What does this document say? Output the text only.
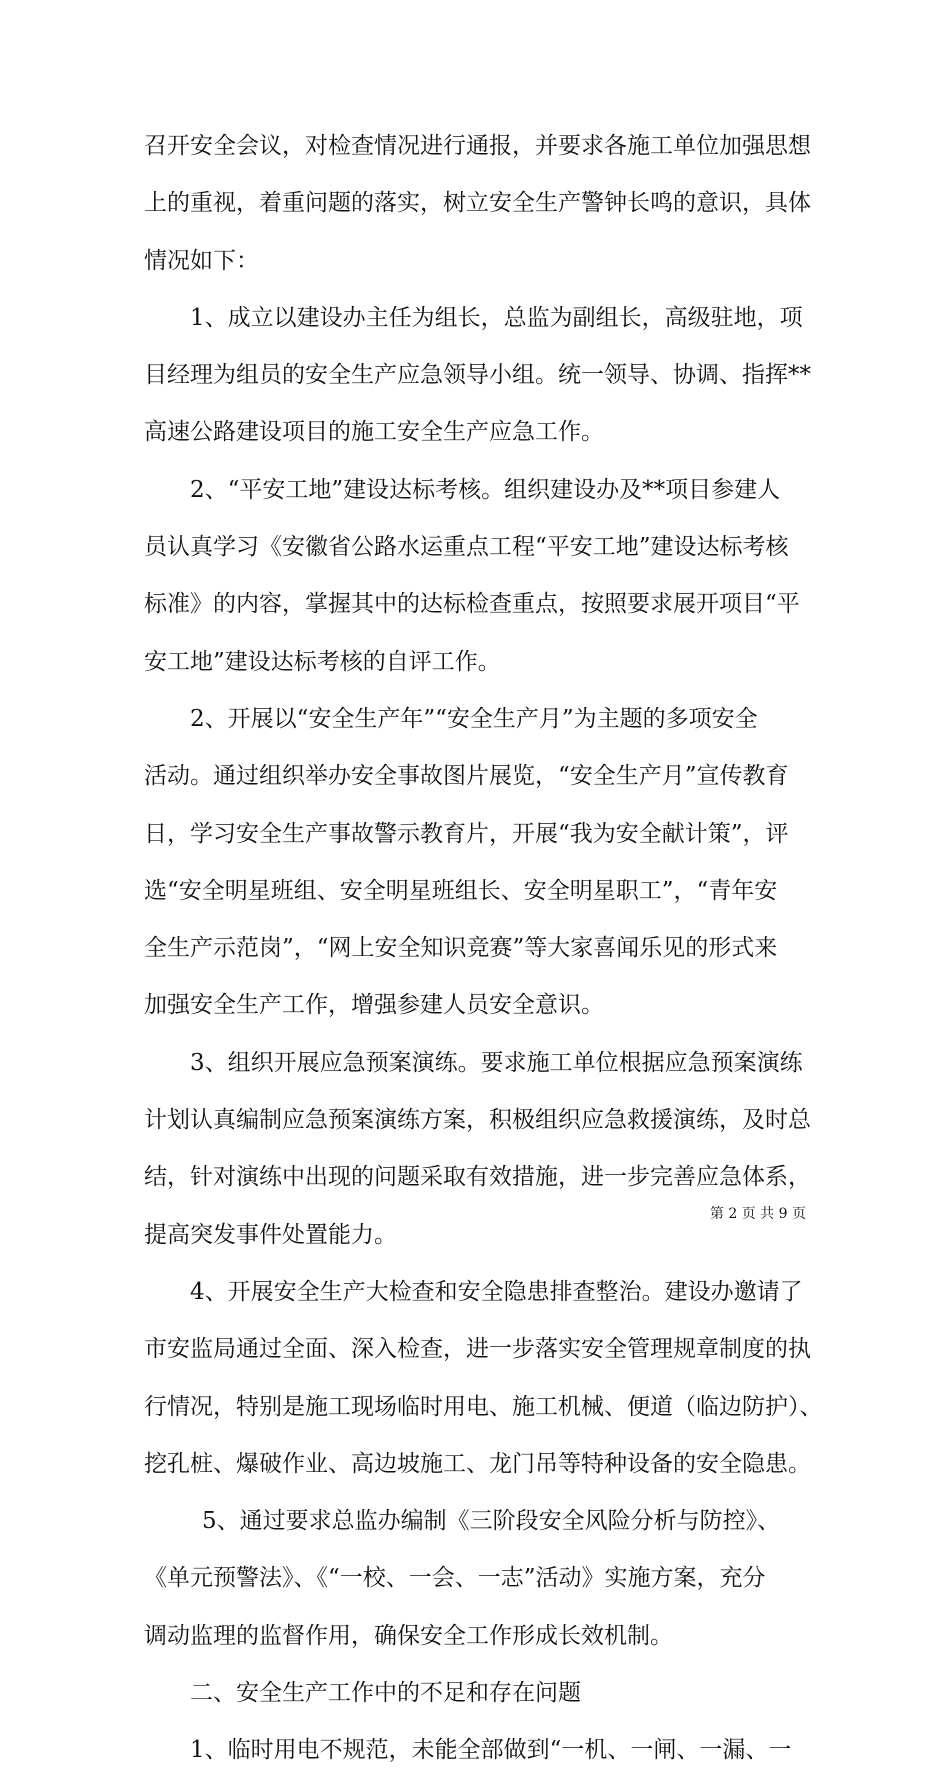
召开安全会议，对检查情况进行通报，并要求各施工单位加强思想
上的重视，着重问题的落实，树立安全生产警钟长鸣的意识，具体
情况如下：
1、成立以建设办主任为组长，总监为副组长，高级驻地，项
目经理为组员的安全生产应急领导小组。统一领导、协调、指挥**
高速公路建设项目的施工安全生产应急工作。
2、“平安工地”建设达标考核。组织建设办及**项目参建人
员认真学习《安徽省公路水运重点工程“平安工地”建设达标考核
标准》的内容，掌握其中的达标检查重点，按照要求展开项目“平
安工地”建设达标考核的自评工作。
2、开展以“安全生产年”“安全生产月”为主题的多项安全
活动。通过组织举办安全事故图片展览，“安全生产月”宣传教育
日，学习安全生产事故警示教育片，开展“我为安全献计策”，评
选“安全明星班组、安全明星班组长、安全明星职工”，“青年安
全生产示范岗”，“网上安全知识竞赛”等大家喜闻乐见的形式来
加强安全生产工作，增强参建人员安全意识。
3、组织开展应急预案演练。要求施工单位根据应急预案演练
计划认真编制应急预案演练方案，积极组织应急救援演练，及时总
结，针对演练中出现的问题采取有效措施，进一步完善应急体系，
提高突发事件处置能力。
4、开展安全生产大检查和安全隐患排查整治。建设办邀请了
市安监局通过全面、深入检查，进一步落实安全管理规章制度的执
行情况，特别是施工现场临时用电、施工机械、便道（临边防护）、
挖孔桩、爆破作业、高边坡施工、龙门吊等特种设备的安全隐患。
5、通过要求总监办编制《三阶段安全风险分析与防控》、
《单元预警法》、《“一校、一会、一志”活动》实施方案，充分
调动监理的监督作用，确保安全工作形成长效机制。
二、安全生产工作中的不足和存在问题
1、临时用电不规范，未能全部做到“一机、一闸、一漏、一
第 2 页 共 9 页
